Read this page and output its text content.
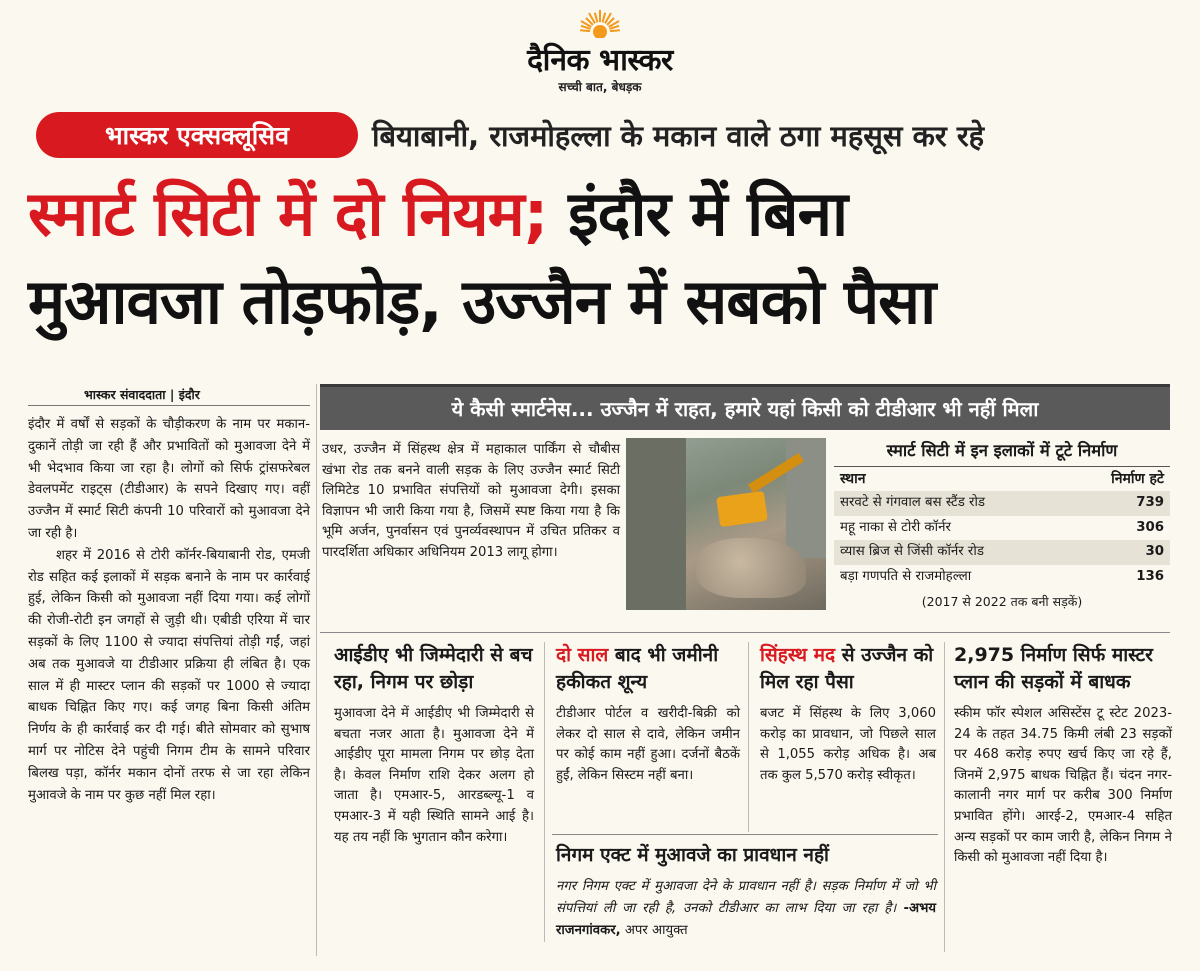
दैनिक भास्कर
सच्ची बात, बेधड़क
भास्कर एक्सक्लूसिव	बियाबानी, राजमोहल्ला के मकान वाले ठगा महसूस कर रहे
स्मार्ट सिटी में दो नियम; इंदौर में बिना
मुआवजा तोड़फोड़, उज्जैन में सबको पैसा
भास्कर संवाददाता | इंदौर

इंदौर में वर्षों से सड़कों के चौड़ीकरण के नाम पर मकान-दुकानें तोड़ी जा रही हैं और प्रभावितों को मुआवजा देने में भी भेदभाव किया जा रहा है। लोगों को सिर्फ ट्रांसफरेबल डेवलपमेंट राइट्स (टीडीआर) के सपने दिखाए गए। वहीं उज्जैन में स्मार्ट सिटी कंपनी 10 परिवारों को मुआवजा देने जा रही है।

शहर में 2016 से टोरी कॉर्नर-बियाबानी रोड, एमजी रोड सहित कई इलाकों में सड़क बनाने के नाम पर कार्रवाई हुई, लेकिन किसी को मुआवजा नहीं दिया गया। कई लोगों की रोजी-रोटी इन जगहों से जुड़ी थी। एबीडी एरिया में चार सड़कों के लिए 1100 से ज्यादा संपत्तियां तोड़ी गईं, जहां अब तक मुआवजे या टीडीआर प्रक्रिया ही लंबित है। एक साल में ही मास्टर प्लान की सड़कों पर 1000 से ज्यादा बाधक चिह्नित किए गए। कई जगह बिना किसी अंतिम निर्णय के ही कार्रवाई कर दी गई। बीते सोमवार को सुभाष मार्ग पर नोटिस देने पहुंची निगम टीम के सामने परिवार बिलख पड़ा, कॉर्नर मकान दोनों तरफ से जा रहा लेकिन मुआवजे के नाम पर कुछ नहीं मिल रहा।

ये कैसी स्मार्टनेस... उज्जैन में राहत, हमारे यहां किसी को टीडीआर भी नहीं मिला
उधर, उज्जैन में सिंहस्थ क्षेत्र में महाकाल पार्किंग से चौबीस खंभा रोड तक बनने वाली सड़क के लिए उज्जैन स्मार्ट सिटी लिमिटेड 10 प्रभावित संपत्तियों को मुआवजा देगी। इसका विज्ञापन भी जारी किया गया है, जिसमें स्पष्ट किया गया है कि भूमि अर्जन, पुनर्वासन एवं पुनर्व्यवस्थापन में उचित प्रतिकर व पारदर्शिता अधिकार अधिनियम 2013 लागू होगा।
स्मार्ट सिटी में इन इलाकों में टूटे निर्माण
स्थान	निर्माण हटे
सरवटे से गंगवाल बस स्टैंड रोड	739
महू नाका से टोरी कॉर्नर	306
व्यास ब्रिज से जिंसी कॉर्नर रोड	30
बड़ा गणपति से राजमोहल्ला	136
(2017 से 2022 तक बनी सड़कें)
आईडीए भी जिम्मेदारी से बच रहा, निगम पर छोड़ा
मुआवजा देने में आईडीए भी जिम्मेदारी से बचता नजर आता है। मुआवजा देने में आईडीए पूरा मामला निगम पर छोड़ देता है। केवल निर्माण राशि देकर अलग हो जाता है। एमआर-5, आरडब्ल्यू-1 व एमआर-3 में यही स्थिति सामने आई है। यह तय नहीं कि भुगतान कौन करेगा।
दो साल बाद भी जमीनी हकीकत शून्य
टीडीआर पोर्टल व खरीदी-बिक्री को लेकर दो साल से दावे, लेकिन जमीन पर कोई काम नहीं हुआ। दर्जनों बैठकें हुईं, लेकिन सिस्टम नहीं बना।
सिंहस्थ मद से उज्जैन को मिल रहा पैसा
बजट में सिंहस्थ के लिए 3,060 करोड़ का प्रावधान, जो पिछले साल से 1,055 करोड़ अधिक है। अब तक कुल 5,570 करोड़ स्वीकृत।
2,975 निर्माण सिर्फ मास्टर प्लान की सड़कों में बाधक
स्कीम फॉर स्पेशल असिस्टेंस टू स्टेट 2023-24 के तहत 34.75 किमी लंबी 23 सड़कों पर 468 करोड़ रुपए खर्च किए जा रहे हैं, जिनमें 2,975 बाधक चिह्नित हैं। चंदन नगर-कालानी नगर मार्ग पर करीब 300 निर्माण प्रभावित होंगे। आरई-2, एमआर-4 सहित अन्य सड़कों पर काम जारी है, लेकिन निगम ने किसी को मुआवजा नहीं दिया है।
निगम एक्ट में मुआवजे का प्रावधान नहीं
नगर निगम एक्ट में मुआवजा देने के प्रावधान नहीं है। सड़क निर्माण में जो भी संपत्तियां ली जा रही है, उनको टीडीआर का लाभ दिया जा रहा है। -अभय राजनगांवकर, अपर आयुक्त
